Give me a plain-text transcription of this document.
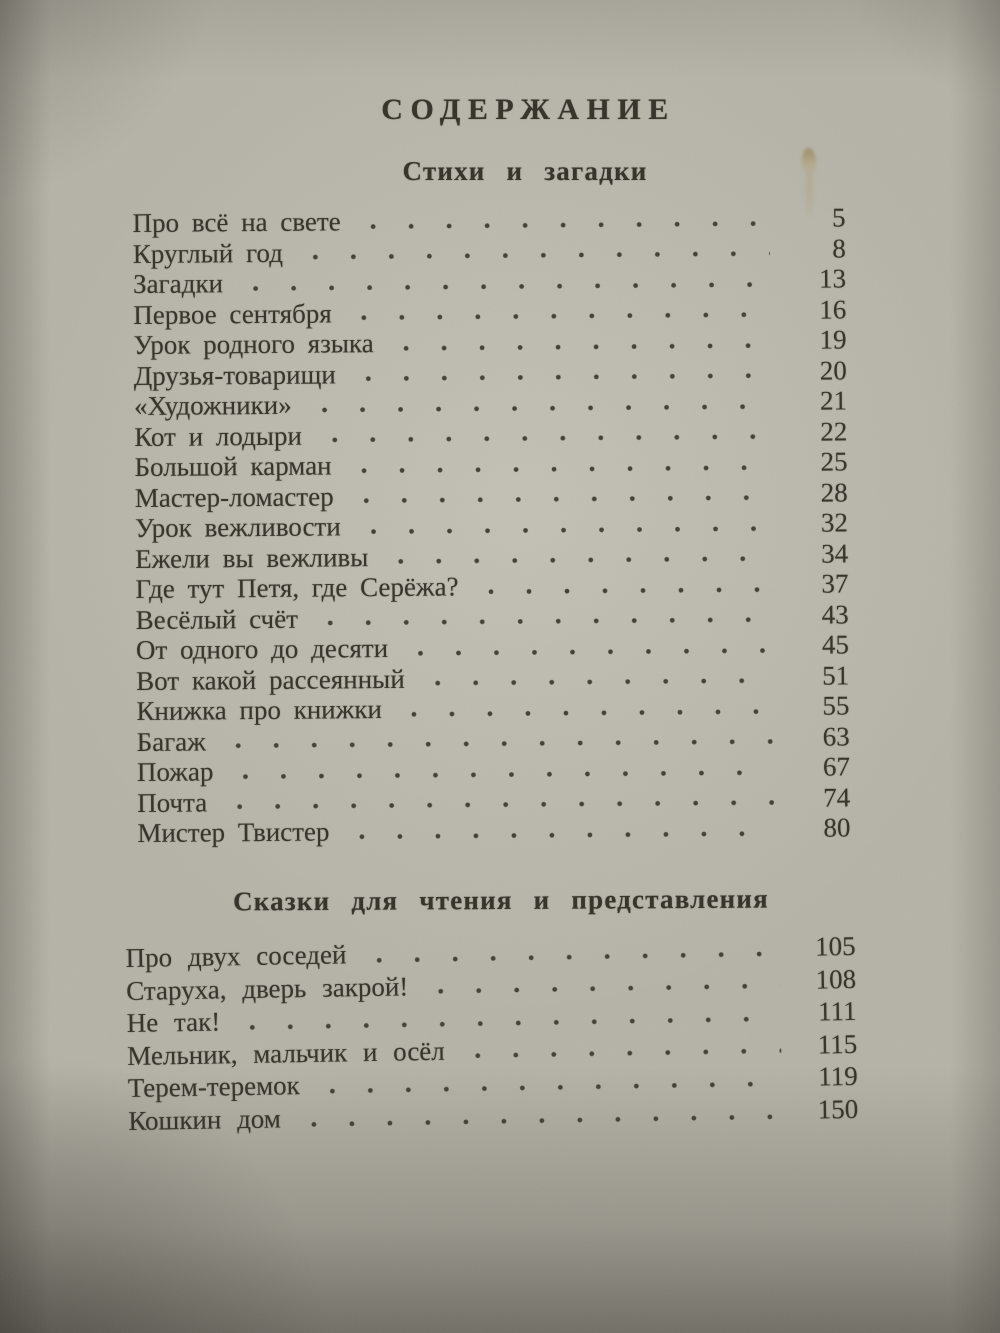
СОДЕРЖАНИЕ
Стихи и загадки
Про всё на свете	5
Круглый год	8
Загадки	13
Первое сентября	16
Урок родного языка	19
Друзья-товарищи	20
«Художники»	21
Кот и лодыри	22
Большой карман	25
Мастер-ломастер	28
Урок вежливости	32
Ежели вы вежливы	34
Где тут Петя, где Серёжа?	37
Весёлый счёт	43
От одного до десяти	45
Вот какой рассеянный	51
Книжка про книжки	55
Багаж	63
Пожар	67
Почта	74
Мистер Твистер	80
Сказки для чтения и представления
Про двух соседей	105
Старуха, дверь закрой!	108
Не так!	111
Мельник, мальчик и осёл	115
Терем-теремок	119
Кошкин дом	150
